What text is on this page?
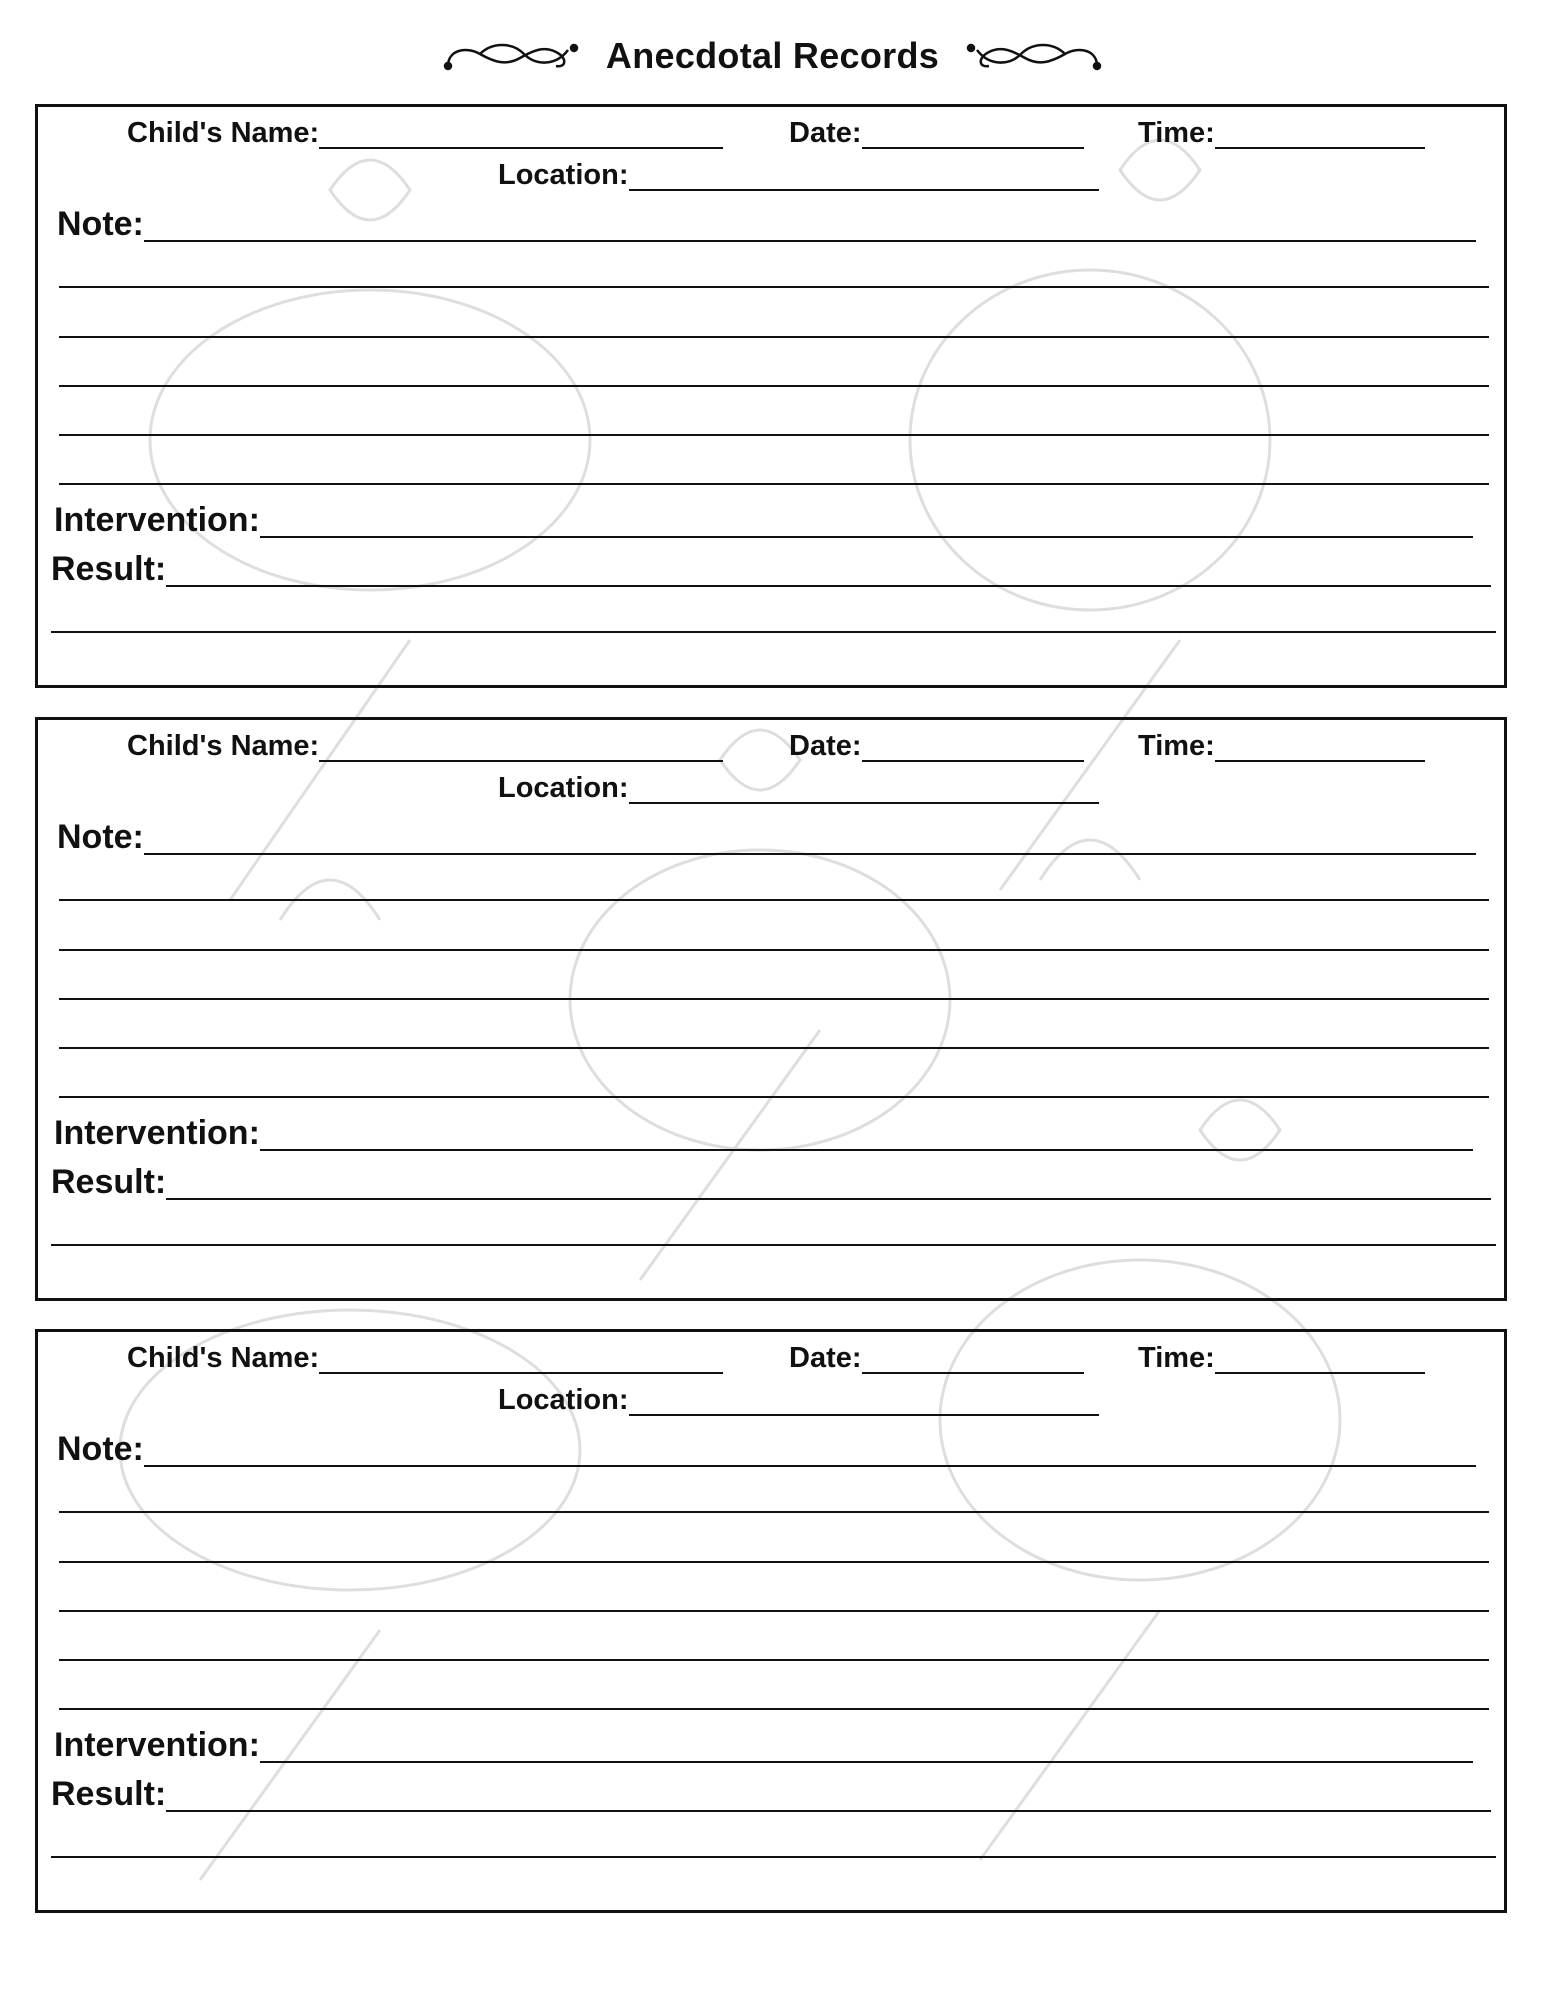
Anecdotal Records
Child's Name:	Date:	Time:
Location:
Note:
Intervention:
Result:
Child's Name:	Date:	Time:
Location:
Note:
Intervention:
Result:
Child's Name:	Date:	Time:
Location:
Note:
Intervention:
Result:
